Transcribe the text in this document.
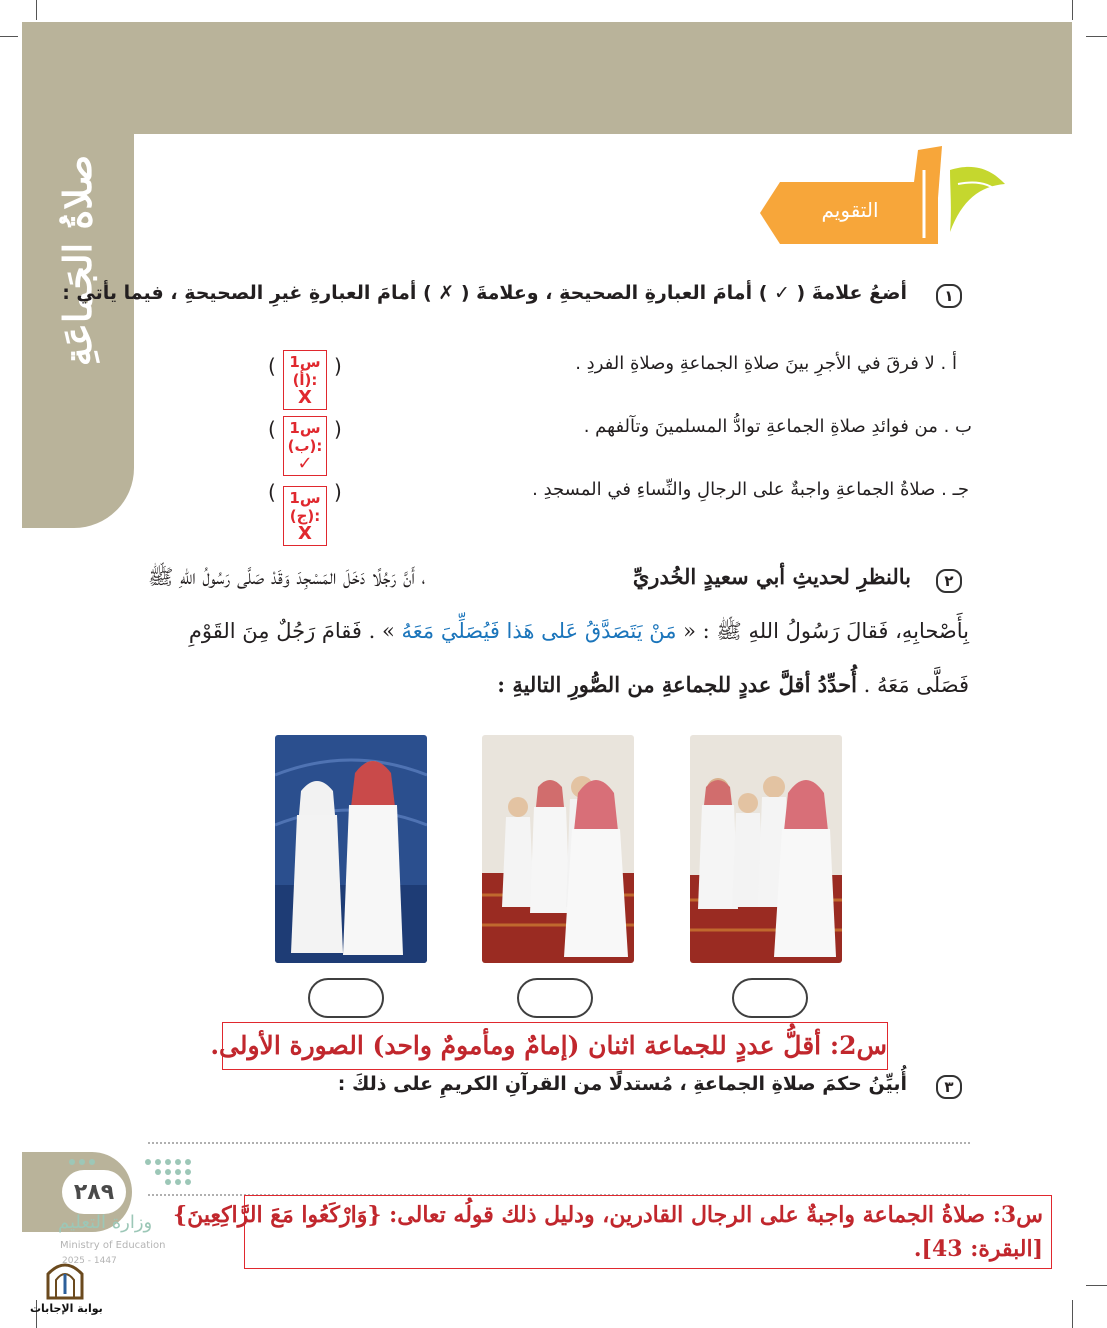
صلاةُ الجَماعَةِ	التقويم
١
أضعُ علامةَ ( ✓ ) أمامَ العبارةِ الصحيحةِ ، وعلامةَ ( ✗ ) أمامَ العبارةِ غيرِ الصحيحةِ ، فيما يأتي :
أ . لا فرقَ في الأجرِ بينَ صلاةِ الجماعةِ وصلاةِ الفردِ .
ب . من فوائدِ صلاةِ الجماعةِ توادُّ المسلمينَ وتآلفهم .
جـ . صلاةُ الجماعةِ واجبةٌ على الرجالِ والنِّساءِ في المسجدِ .
(
)
(
)
(
)
س1
:(أ)
X
س1
:(ب)
✓
س1
:(ج)
X
٢
بالنظرِ لحديثِ أبي سعيدٍ الخُدريِّ
، أَنَّ رَجُلًا دَخَلَ المَسْجِدَ وَقَدْ صَلَّى رَسُولُ اللهِ ﷺ
بِأَصْحابِهِ، فَقالَ رَسُولُ اللهِ ﷺ : « مَنْ يَتَصَدَّقُ عَلى هَذا فَيُصَلِّيَ مَعَهُ » . فَقامَ رَجُلٌ مِنَ القَوْمِ
فَصَلَّى مَعَهُ . أُحدِّدُ أقلَّ عددٍ للجماعةِ من الصُّورِ التاليةِ :
س2: أقلُّ عددٍ للجماعة اثنان (إمامٌ ومأمومٌ واحد) الصورة الأولى.
٣
أُبيِّنُ حكمَ صلاةِ الجماعةِ ، مُستدلًا من القرآنِ الكريمِ على ذلكَ :
س3: صلاةُ الجماعة واجبةٌ على الرجال القادرين، ودليل ذلك قولُه تعالى: {وَارْكَعُوا مَعَ الرَّاكِعِينَ}
[البقرة: 43].
٢٨٩
وزارة التعليم
Ministry of Education
2025 - 1447
بوابة الإجابات
